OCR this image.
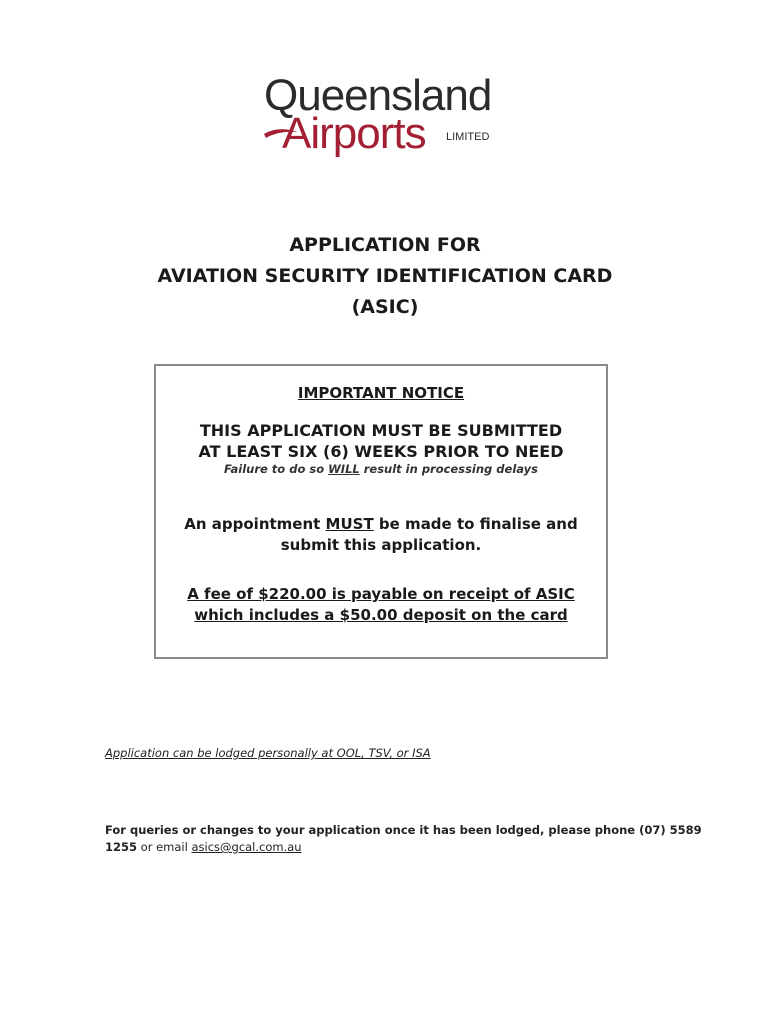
Queensland
Airports LIMITED
APPLICATION FOR
AVIATION SECURITY IDENTIFICATION CARD
(ASIC)
IMPORTANT NOTICE
THIS APPLICATION MUST BE SUBMITTED
AT LEAST SIX (6) WEEKS PRIOR TO NEED
Failure to do so WILL result in processing delays
An appointment MUST be made to finalise and
submit this application.
A fee of $220.00 is payable on receipt of ASIC
which includes a $50.00 deposit on the card
Application can be lodged personally at OOL, TSV, or ISA
For queries or changes to your application once it has been lodged, please phone (07) 5589
1255 or email asics@gcal.com.au
